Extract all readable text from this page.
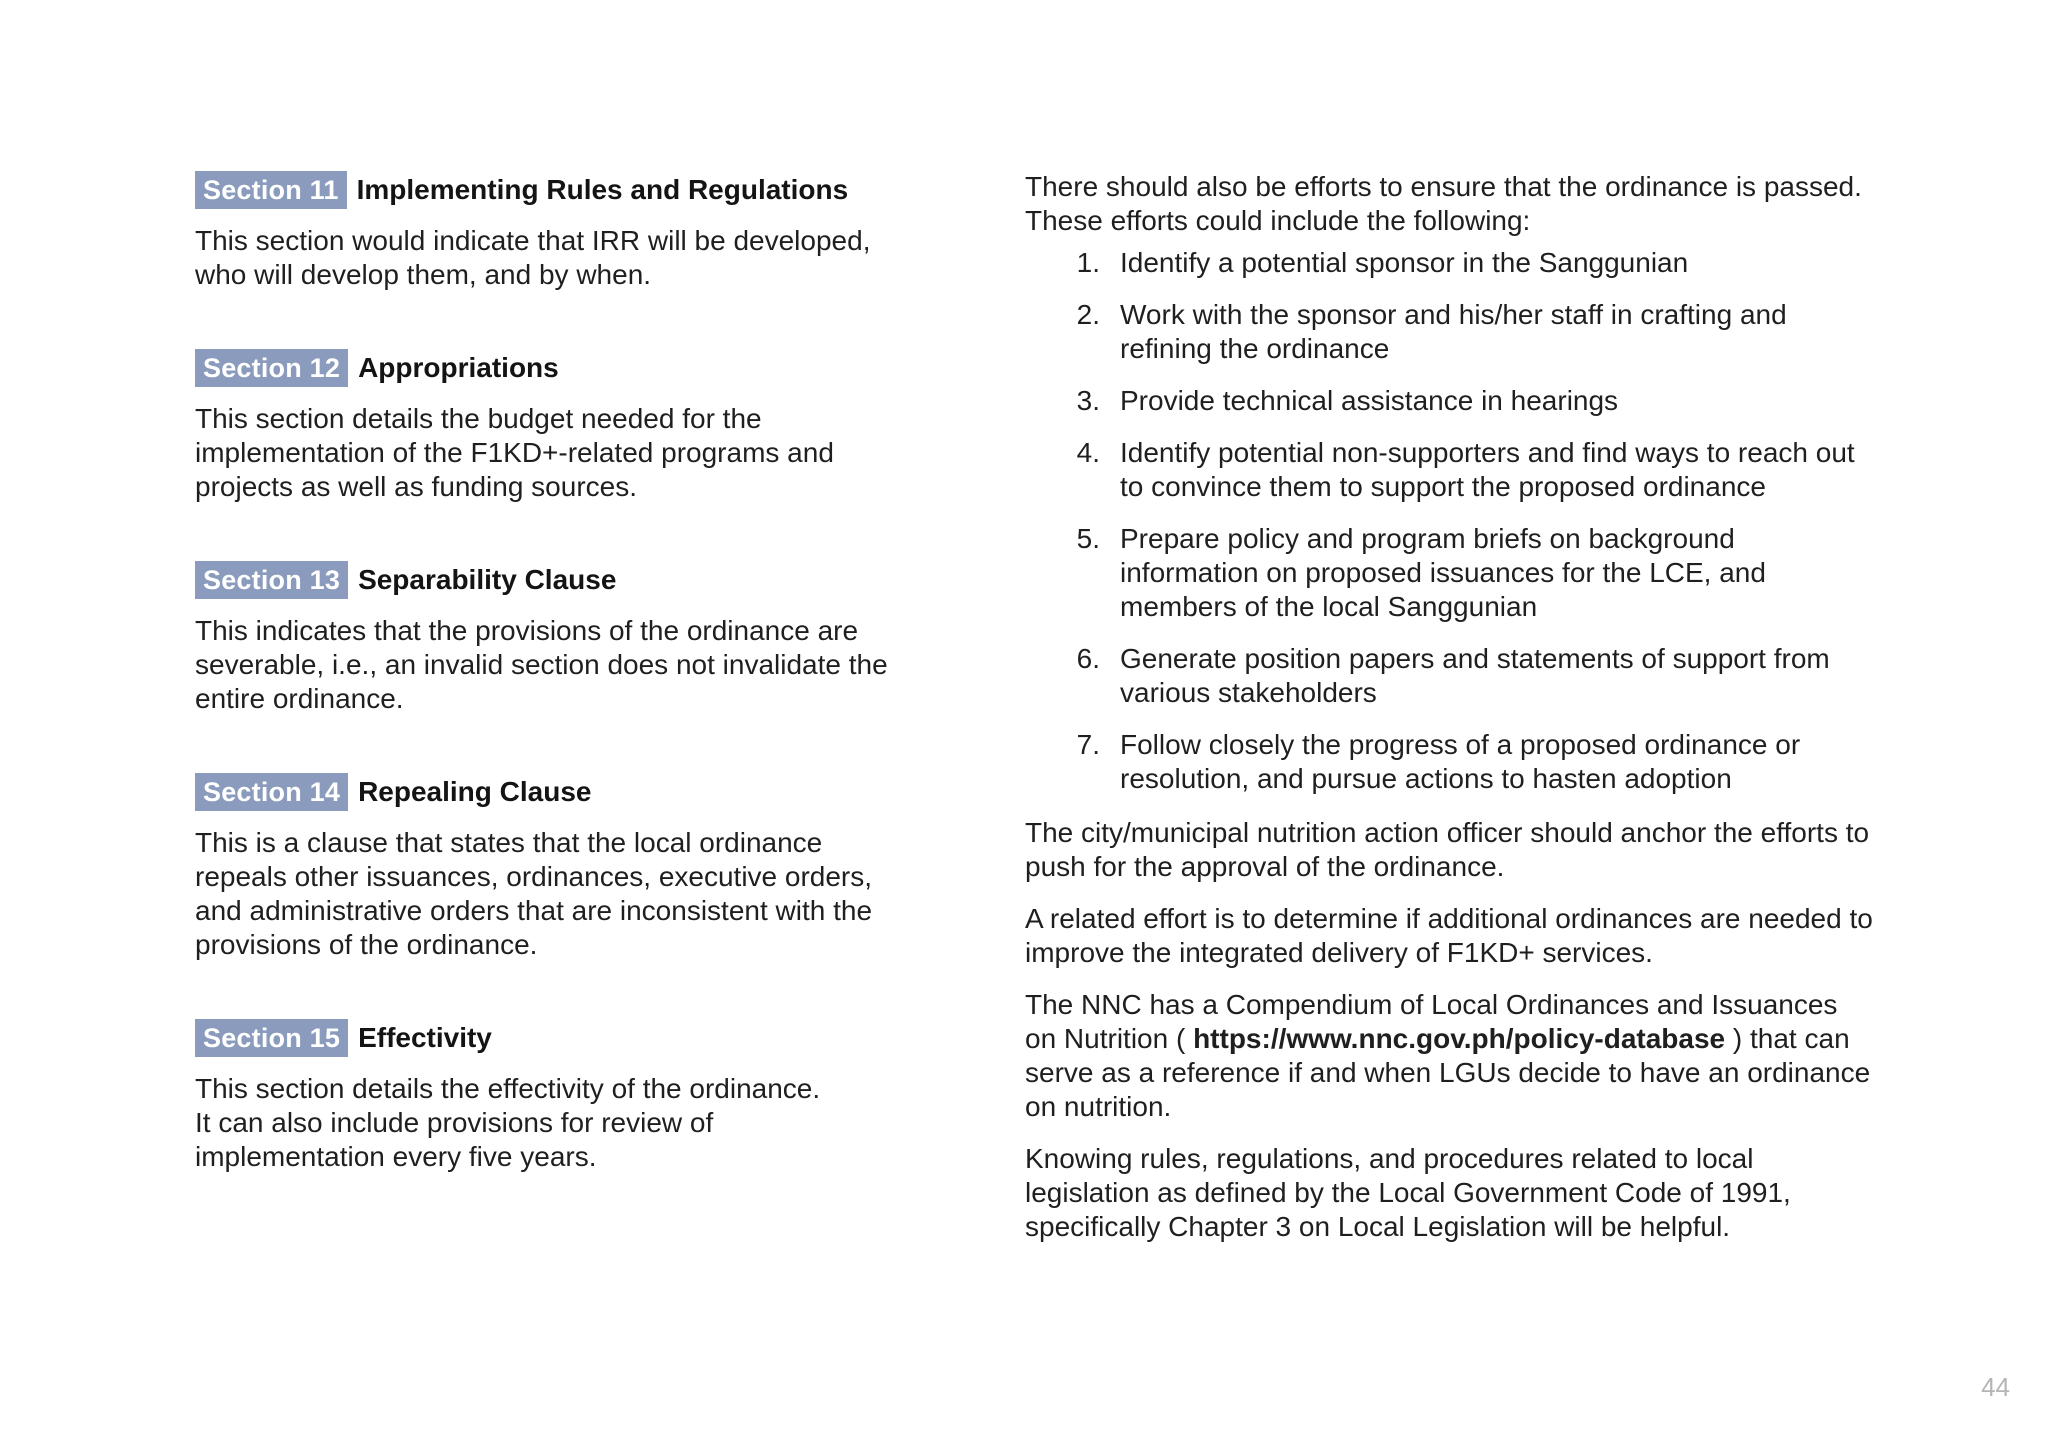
Section 11 Implementing Rules and Regulations

This section would indicate that IRR will be developed,
who will develop them, and by when.

Section 12 Appropriations

This section details the budget needed for the
implementation of the F1KD+-related programs and
projects as well as funding sources.

Section 13 Separability Clause

This indicates that the provisions of the ordinance are
severable, i.e., an invalid section does not invalidate the
entire ordinance.

Section 14 Repealing Clause

This is a clause that states that the local ordinance
repeals other issuances, ordinances, executive orders,
and administrative orders that are inconsistent with the
provisions of the ordinance.

Section 15 Effectivity

This section details the effectivity of the ordinance.
It can also include provisions for review of
implementation every five years.

There should also be efforts to ensure that the ordinance is passed. These efforts could include the following:

1. Identify a potential sponsor in the Sanggunian
2. Work with the sponsor and his/her staff in crafting and refining the ordinance
3. Provide technical assistance in hearings
4. Identify potential non-supporters and find ways to reach out to convince them to support the proposed ordinance
5. Prepare policy and program briefs on background information on proposed issuances for the LCE, and members of the local Sanggunian
6. Generate position papers and statements of support from various stakeholders
7. Follow closely the progress of a proposed ordinance or resolution, and pursue actions to hasten adoption

The city/municipal nutrition action officer should anchor the efforts to push for the approval of the ordinance.

A related effort is to determine if additional ordinances are needed to improve the integrated delivery of F1KD+ services.

The NNC has a Compendium of Local Ordinances and Issuances on Nutrition ( https://www.nnc.gov.ph/policy-database ) that can serve as a reference if and when LGUs decide to have an ordinance on nutrition.

Knowing rules, regulations, and procedures related to local legislation as defined by the Local Government Code of 1991, specifically Chapter 3 on Local Legislation will be helpful.

44
